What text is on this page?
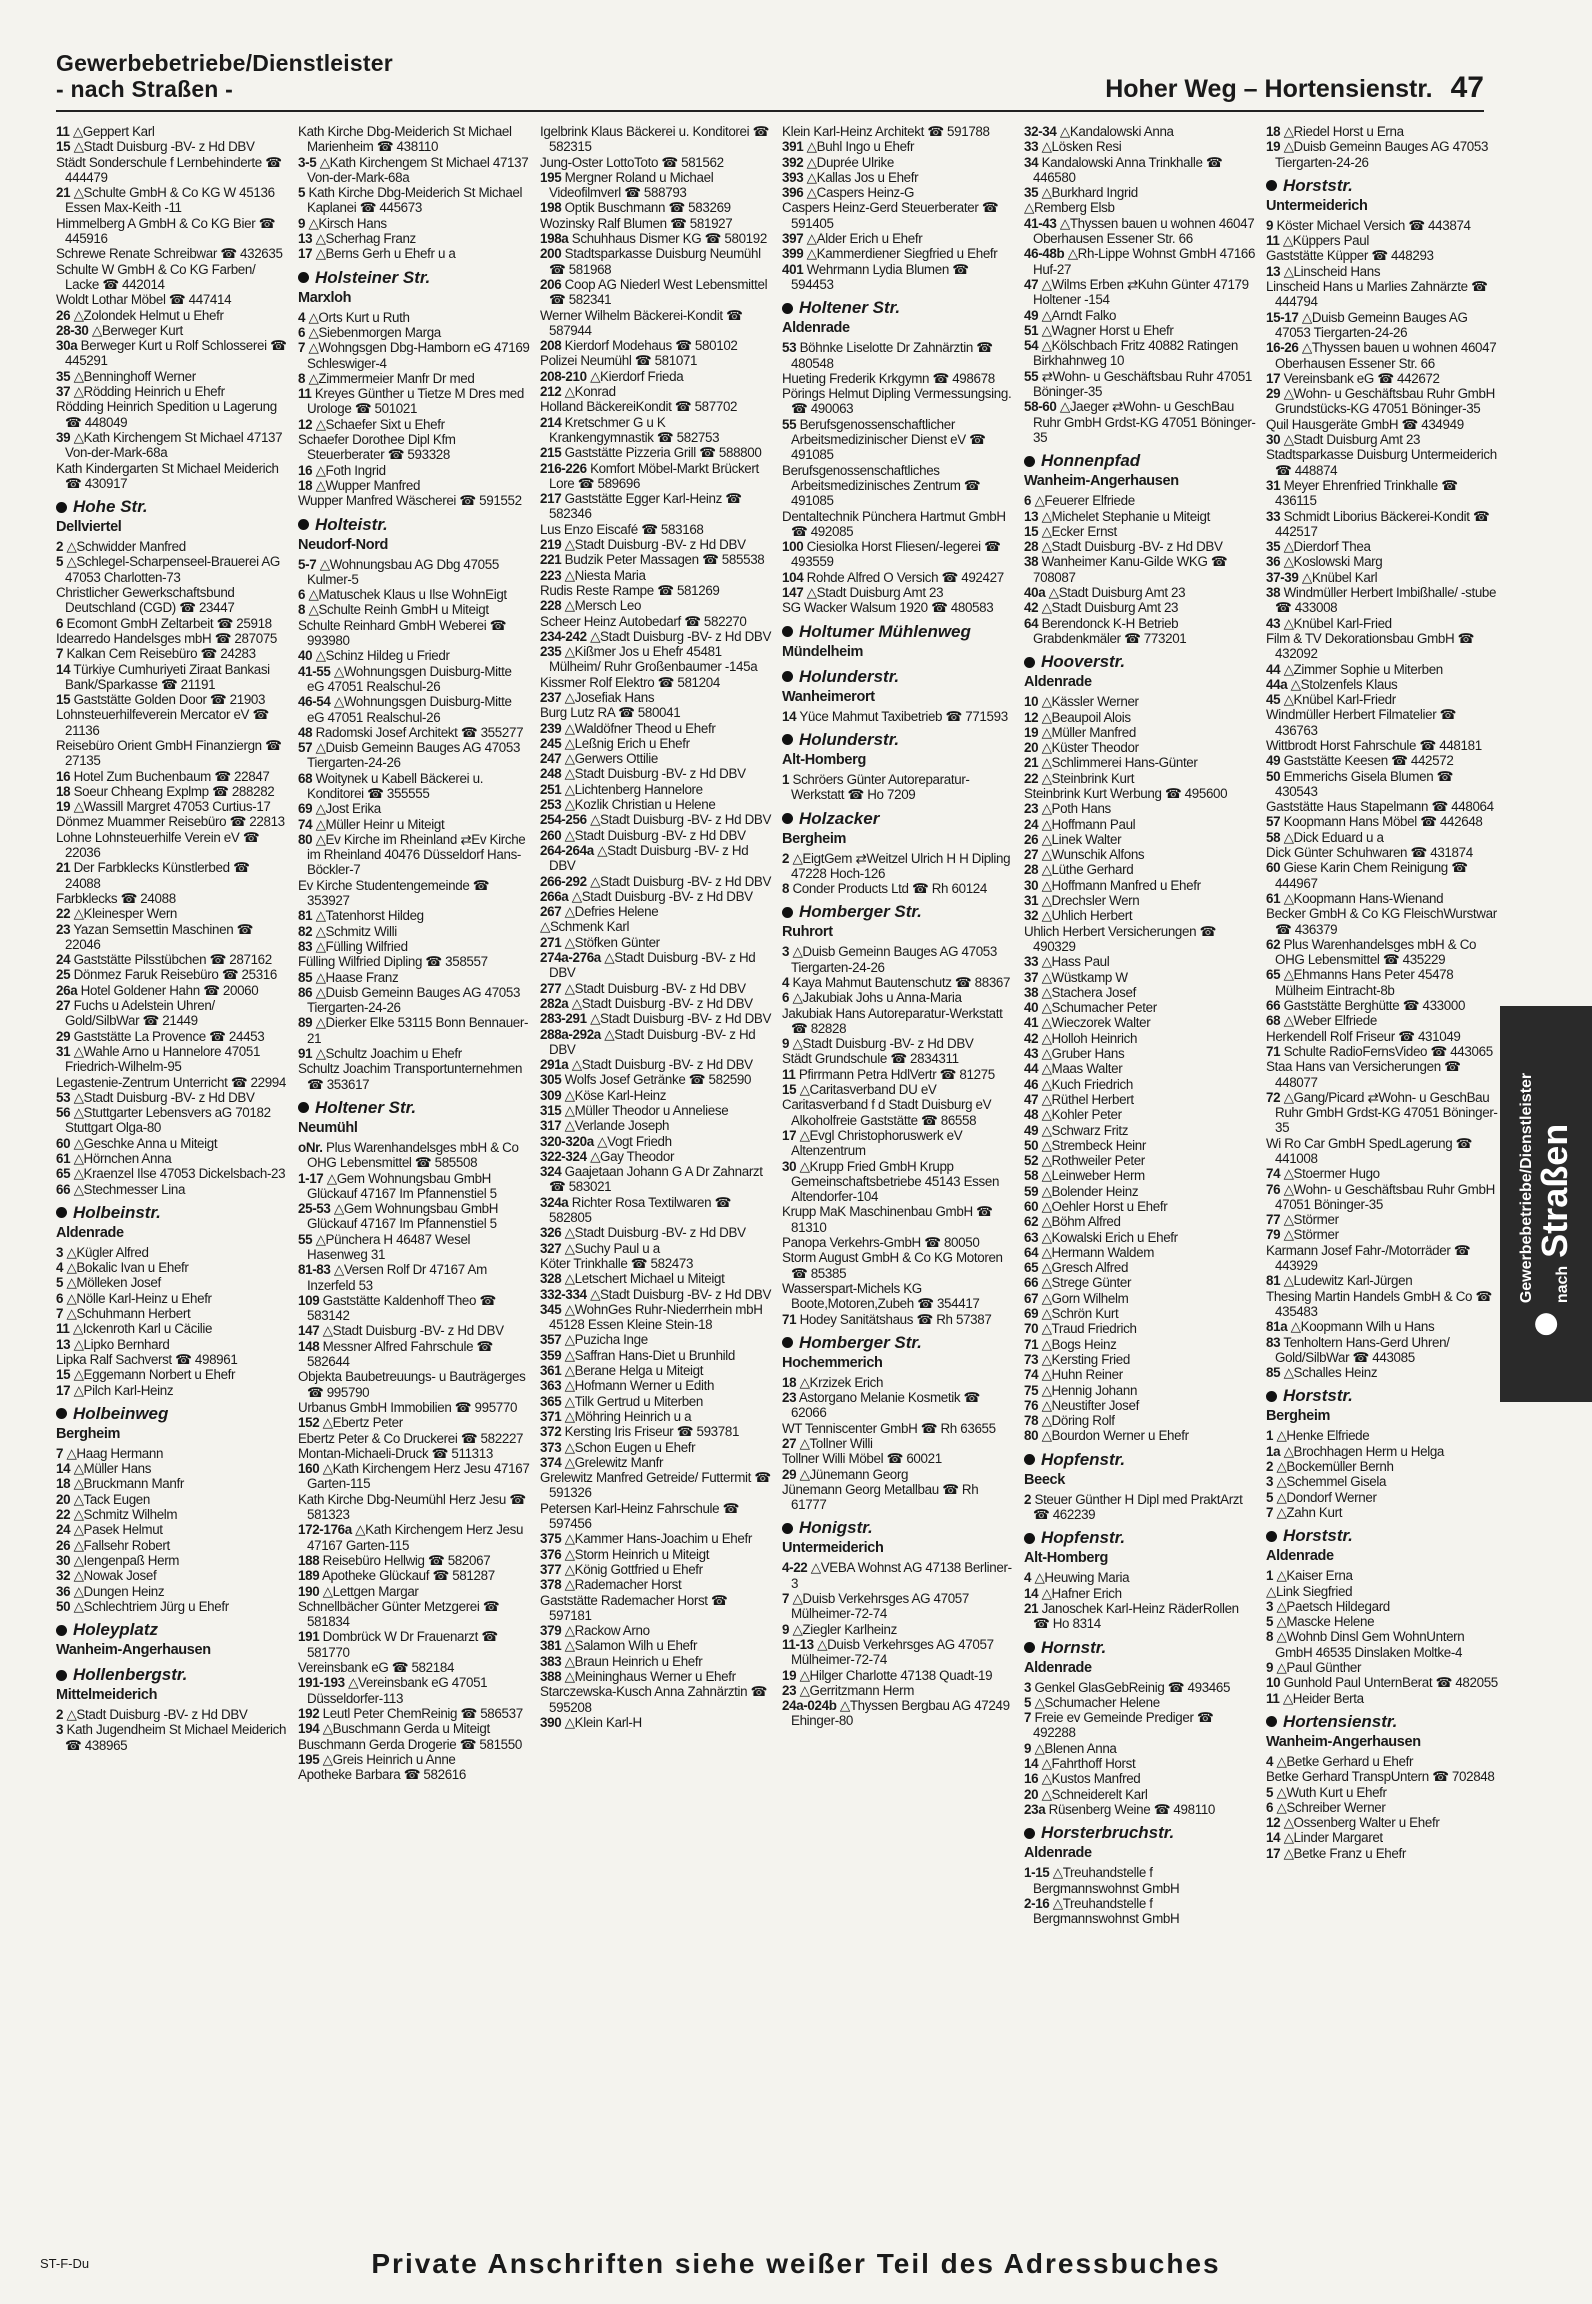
Gewerbebetriebe/Dienstleister
- nach Straßen -	Hoher Weg – Hortensienstr. 47
11 △Geppert Karl
15 △Stadt Duisburg -BV- z Hd DBV
Städt Sonderschule f Lernbehinderte ☎ 444479
21 △Schulte GmbH & Co KG W 45136 Essen Max-Keith -11
Himmelberg A GmbH & Co KG Bier ☎ 445916
Schrewe Renate Schreibwar ☎ 432635
Schulte W GmbH & Co KG Farben/ Lacke ☎ 442014
Woldt Lothar Möbel ☎ 447414
26 △Zolondek Helmut u Ehefr
28-30 △Berweger Kurt
30a Berweger Kurt u Rolf Schlosserei ☎ 445291
35 △Benninghoff Werner
37 △Rödding Heinrich u Ehefr
Rödding Heinrich Spedition u Lagerung ☎ 448049
39 △Kath Kirchengem St Michael 47137 Von-der-Mark-68a
Kath Kindergarten St Michael Meiderich ☎ 430917
Hohe Str.
Dellviertel
2 △Schwidder Manfred
5 △Schlegel-Scharpenseel-Brauerei AG 47053 Charlotten-73
Christlicher Gewerkschaftsbund Deutschland (CGD) ☎ 23447
6 Ecomont GmbH Zeltarbeit ☎ 25918
Idearredo Handelsges mbH ☎ 287075
7 Kalkan Cem Reisebüro ☎ 24283
14 Türkiye Cumhuriyeti Ziraat Bankasi Bank/Sparkasse ☎ 21191
15 Gaststätte Golden Door ☎ 21903
Lohnsteuerhilfeverein Mercator eV ☎ 21136
Reisebüro Orient GmbH Finanziergn ☎ 27135
16 Hotel Zum Buchenbaum ☎ 22847
18 Soeur Chheang Explmp ☎ 288282
19 △Wassill Margret 47053 Curtius-17
Dönmez Muammer Reisebüro ☎ 22813
Lohne Lohnsteuerhilfe Verein eV ☎ 22036
21 Der Farbklecks Künstlerbed ☎ 24088
Farbklecks ☎ 24088
22 △Kleinesper Wern
23 Yazan Semsettin Maschinen ☎ 22046
24 Gaststätte Pilsstübchen ☎ 287162
25 Dönmez Faruk Reisebüro ☎ 25316
26a Hotel Goldener Hahn ☎ 20060
27 Fuchs u Adelstein Uhren/ Gold/SilbWar ☎ 21449
29 Gaststätte La Provence ☎ 24453
31 △Wahle Arno u Hannelore 47051 Friedrich-Wilhelm-95
Legastenie-Zentrum Unterricht ☎ 22994
53 △Stadt Duisburg -BV- z Hd DBV
56 △Stuttgarter Lebensvers aG 70182 Stuttgart Olga-80
60 △Geschke Anna u Miteigt
61 △Hörnchen Anna
65 △Kraenzel Ilse 47053 Dickelsbach-23
66 △Stechmesser Lina
Holbeinstr.
Aldenrade
3 △Kügler Alfred
4 △Bokalic Ivan u Ehefr
5 △Mölleken Josef
6 △Nölle Karl-Heinz u Ehefr
7 △Schuhmann Herbert
11 △Ickenroth Karl u Cäcilie
13 △Lipko Bernhard
Lipka Ralf Sachverst ☎ 498961
15 △Eggemann Norbert u Ehefr
17 △Pilch Karl-Heinz
Holbeinweg
Bergheim
7 △Haag Hermann
14 △Müller Hans
18 △Bruckmann Manfr
20 △Tack Eugen
22 △Schmitz Wilhelm
24 △Pasek Helmut
26 △Fallsehr Robert
30 △Iengenpaß Herm
32 △Nowak Josef
36 △Dungen Heinz
50 △Schlechtriem Jürg u Ehefr
Holeyplatz
Wanheim-Angerhausen
Hollenbergstr.
Mittelmeiderich
2 △Stadt Duisburg -BV- z Hd DBV
3 Kath Jugendheim St Michael Meiderich ☎ 438965
Kath Kirche Dbg-Meiderich St Michael Marienheim ☎ 438110
3-5 △Kath Kirchengem St Michael 47137 Von-der-Mark-68a
5 Kath Kirche Dbg-Meiderich St Michael Kaplanei ☎ 445673
9 △Kirsch Hans
13 △Scherhag Franz
17 △Berns Gerh u Ehefr u a
Holsteiner Str.
Marxloh
4 △Orts Kurt u Ruth
6 △Siebenmorgen Marga
7 △Wohngsgen Dbg-Hamborn eG 47169 Schleswiger-4
8 △Zimmermeier Manfr Dr med
11 Kreyes Günther u Tietze M Dres med Urologe ☎ 501021
12 △Schaefer Sixt u Ehefr
Schaefer Dorothee Dipl Kfm Steuerberater ☎ 593328
16 △Foth Ingrid
18 △Wupper Manfred
Wupper Manfred Wäscherei ☎ 591552
Holteistr.
Neudorf-Nord
5-7 △Wohnungsbau AG Dbg 47055 Kulmer-5
6 △Matuschek Klaus u Ilse WohnEigt
8 △Schulte Reinh GmbH u Miteigt
Schulte Reinhard GmbH Weberei ☎ 993980
40 △Schinz Hildeg u Friedr
41-55 △Wohnungsgen Duisburg-Mitte eG 47051 Realschul-26
46-54 △Wohnungsgen Duisburg-Mitte eG 47051 Realschul-26
48 Radomski Josef Architekt ☎ 355277
57 △Duisb Gemeinn Bauges AG 47053 Tiergarten-24-26
68 Woitynek u Kabell Bäckerei u. Konditorei ☎ 355555
69 △Jost Erika
74 △Müller Heinr u Miteigt
80 △Ev Kirche im Rheinland ⇄Ev Kirche im Rheinland 40476 Düsseldorf Hans-Böckler-7
Ev Kirche Studentengemeinde ☎ 353927
81 △Tatenhorst Hildeg
82 △Schmitz Willi
83 △Fülling Wilfried
Fülling Wilfried Dipling ☎ 358557
85 △Haase Franz
86 △Duisb Gemeinn Bauges AG 47053 Tiergarten-24-26
89 △Dierker Elke 53115 Bonn Bennauer-21
91 △Schultz Joachim u Ehefr
Schultz Joachim Transportunternehmen ☎ 353617
Holtener Str.
Neumühl
oNr. Plus Warenhandelsges mbH & Co OHG Lebensmittel ☎ 585508
1-17 △Gem Wohnungsbau GmbH Glückauf 47167 Im Pfannenstiel 5
25-53 △Gem Wohnungsbau GmbH Glückauf 47167 Im Pfannenstiel 5
55 △Pünchera H 46487 Wesel Hasenweg 31
81-83 △Versen Rolf Dr 47167 Am Inzerfeld 53
109 Gaststätte Kaldenhoff Theo ☎ 583142
147 △Stadt Duisburg -BV- z Hd DBV
148 Messner Alfred Fahrschule ☎ 582644
Objekta Baubetreuungs- u Bauträgerges ☎ 995790
Urbanus GmbH Immobilien ☎ 995770
152 △Ebertz Peter
Ebertz Peter & Co Druckerei ☎ 582227
Montan-Michaeli-Druck ☎ 511313
160 △Kath Kirchengem Herz Jesu 47167 Garten-115
Kath Kirche Dbg-Neumühl Herz Jesu ☎ 581323
172-176a △Kath Kirchengem Herz Jesu 47167 Garten-115
188 Reisebüro Hellwig ☎ 582067
189 Apotheke Glückauf ☎ 581287
190 △Lettgen Margar
Schnellbächer Günter Metzgerei ☎ 581834
191 Dombrück W Dr Frauenarzt ☎ 581770
Vereinsbank eG ☎ 582184
191-193 △Vereinsbank eG 47051 Düsseldorfer-113
192 Leutl Peter ChemReinig ☎ 586537
194 △Buschmann Gerda u Miteigt
Buschmann Gerda Drogerie ☎ 581550
195 △Greis Heinrich u Anne
Apotheke Barbara ☎ 582616
Igelbrink Klaus Bäckerei u. Konditorei ☎ 582315
Jung-Oster LottoToto ☎ 581562
195 Mergner Roland u Michael Videofilmverl ☎ 588793
198 Optik Buschmann ☎ 583269
Wozinsky Ralf Blumen ☎ 581927
198a Schuhhaus Dismer KG ☎ 580192
200 Stadtsparkasse Duisburg Neumühl ☎ 581968
206 Coop AG Niederl West Lebensmittel ☎ 582341
Werner Wilhelm Bäckerei-Kondit ☎ 587944
208 Kierdorf Modehaus ☎ 580102
Polizei Neumühl ☎ 581071
208-210 △Kierdorf Frieda
212 △Konrad
Holland BäckereiKondit ☎ 587702
214 Kretschmer G u K Krankengymnastik ☎ 582753
215 Gaststätte Pizzeria Grill ☎ 588800
216-226 Komfort Möbel-Markt Brückert Lore ☎ 589696
217 Gaststätte Egger Karl-Heinz ☎ 582346
Lus Enzo Eiscafé ☎ 583168
219 △Stadt Duisburg -BV- z Hd DBV
221 Budzik Peter Massagen ☎ 585538
223 △Niesta Maria
Rudis Reste Rampe ☎ 581269
228 △Mersch Leo
Scheer Heinz Autobedarf ☎ 582270
234-242 △Stadt Duisburg -BV- z Hd DBV
235 △Kißmer Jos u Ehefr 45481 Mülheim/ Ruhr Großenbaumer -145a
Kissmer Rolf Elektro ☎ 581204
237 △Josefiak Hans
Burg Lutz RA ☎ 580041
239 △Waldöfner Theod u Ehefr
245 △Leßnig Erich u Ehefr
247 △Gerwers Ottilie
248 △Stadt Duisburg -BV- z Hd DBV
251 △Lichtenberg Hannelore
253 △Kozlik Christian u Helene
254-256 △Stadt Duisburg -BV- z Hd DBV
260 △Stadt Duisburg -BV- z Hd DBV
264-264a △Stadt Duisburg -BV- z Hd DBV
266-292 △Stadt Duisburg -BV- z Hd DBV
266a △Stadt Duisburg -BV- z Hd DBV
267 △Defries Helene
△Schmenk Karl
271 △Stöfken Günter
274a-276a △Stadt Duisburg -BV- z Hd DBV
277 △Stadt Duisburg -BV- z Hd DBV
282a △Stadt Duisburg -BV- z Hd DBV
283-291 △Stadt Duisburg -BV- z Hd DBV
288a-292a △Stadt Duisburg -BV- z Hd DBV
291a △Stadt Duisburg -BV- z Hd DBV
305 Wolfs Josef Getränke ☎ 582590
309 △Köse Karl-Heinz
315 △Müller Theodor u Anneliese
317 △Verlande Joseph
320-320a △Vogt Friedh
322-324 △Gay Theodor
324 Gaajetaan Johann G A Dr Zahnarzt ☎ 583021
324a Richter Rosa Textilwaren ☎ 582805
326 △Stadt Duisburg -BV- z Hd DBV
327 △Suchy Paul u a
Köter Trinkhalle ☎ 582473
328 △Letschert Michael u Miteigt
332-334 △Stadt Duisburg -BV- z Hd DBV
345 △WohnGes Ruhr-Niederrhein mbH 45128 Essen Kleine Stein-18
357 △Puzicha Inge
359 △Saffran Hans-Diet u Brunhild
361 △Berane Helga u Miteigt
363 △Hofmann Werner u Edith
365 △Tilk Gertrud u Miterben
371 △Möhring Heinrich u a
372 Kersting Iris Friseur ☎ 593781
373 △Schon Eugen u Ehefr
374 △Grelewitz Manfr
Grelewitz Manfred Getreide/ Futtermit ☎ 591326
Petersen Karl-Heinz Fahrschule ☎ 597456
375 △Kammer Hans-Joachim u Ehefr
376 △Storm Heinrich u Miteigt
377 △König Gottfried u Ehefr
378 △Rademacher Horst
Gaststätte Rademacher Horst ☎ 597181
379 △Rackow Arno
381 △Salamon Wilh u Ehefr
383 △Braun Heinrich u Ehefr
388 △Meininghaus Werner u Ehefr
Starczewska-Kusch Anna Zahnärztin ☎ 595208
390 △Klein Karl-H
Klein Karl-Heinz Architekt ☎ 591788
391 △Buhl Ingo u Ehefr
392 △Duprée Ulrike
393 △Kallas Jos u Ehefr
396 △Caspers Heinz-G
Caspers Heinz-Gerd Steuerberater ☎ 591405
397 △Alder Erich u Ehefr
399 △Kammerdiener Siegfried u Ehefr
401 Wehrmann Lydia Blumen ☎ 594453
Holtener Str.
Aldenrade
53 Böhnke Liselotte Dr Zahnärztin ☎ 480548
Hueting Frederik Krkgymn ☎ 498678
Pörings Helmut Dipling Vermessungsing. ☎ 490063
55 Berufsgenossenschaftlicher Arbeitsmedizinischer Dienst eV ☎ 491085
Berufsgenossenschaftliches Arbeitsmedizinisches Zentrum ☎ 491085
Dentaltechnik Pünchera Hartmut GmbH ☎ 492085
100 Ciesiolka Horst Fliesen/-legerei ☎ 493559
104 Rohde Alfred O Versich ☎ 492427
147 △Stadt Duisburg Amt 23
SG Wacker Walsum 1920 ☎ 480583
Holtumer Mühlenweg
Mündelheim
Holunderstr.
Wanheimerort
14 Yüce Mahmut Taxibetrieb ☎ 771593
Holunderstr.
Alt-Homberg
1 Schröers Günter Autoreparatur- Werkstatt ☎ Ho 7209
Holzacker
Bergheim
2 △EigtGem ⇄Weitzel Ulrich H H Dipling 47228 Hoch-126
8 Conder Products Ltd ☎ Rh 60124
Homberger Str.
Ruhrort
3 △Duisb Gemeinn Bauges AG 47053 Tiergarten-24-26
4 Kaya Mahmut Bautenschutz ☎ 88367
6 △Jakubiak Johs u Anna-Maria
Jakubiak Hans Autoreparatur-Werkstatt ☎ 82828
9 △Stadt Duisburg -BV- z Hd DBV
Städt Grundschule ☎ 2834311
11 Pfirrmann Petra HdlVertr ☎ 81275
15 △Caritasverband DU eV
Caritasverband f d Stadt Duisburg eV Alkoholfreie Gaststätte ☎ 86558
17 △Evgl Christophoruswerk eV Altenzentrum
30 △Krupp Fried GmbH Krupp Gemeinschaftsbetriebe 45143 Essen Altendorfer-104
Krupp MaK Maschinenbau GmbH ☎ 81310
Panopa Verkehrs-GmbH ☎ 80050
Storm August GmbH & Co KG Motoren ☎ 85385
Wasserspart-Michels KG Boote,Motoren,Zubeh ☎ 354417
71 Hodey Sanitätshaus ☎ Rh 57387
Homberger Str.
Hochemmerich
18 △Krzizek Erich
23 Astorgano Melanie Kosmetik ☎ 62066
WT Tenniscenter GmbH ☎ Rh 63655
27 △Tollner Willi
Tollner Willi Möbel ☎ 60021
29 △Jünemann Georg
Jünemann Georg Metallbau ☎ Rh 61777
Honigstr.
Untermeiderich
4-22 △VEBA Wohnst AG 47138 Berliner-3
7 △Duisb Verkehrsges AG 47057 Mülheimer-72-74
9 △Ziegler Karlheinz
11-13 △Duisb Verkehrsges AG 47057 Mülheimer-72-74
19 △Hilger Charlotte 47138 Quadt-19
23 △Gerritzmann Herm
24a-024b △Thyssen Bergbau AG 47249 Ehinger-80
32-34 △Kandalowski Anna
33 △Lösken Resi
34 Kandalowski Anna Trinkhalle ☎ 446580
35 △Burkhard Ingrid
△Remberg Elsb
41-43 △Thyssen bauen u wohnen 46047 Oberhausen Essener Str. 66
46-48b △Rh-Lippe Wohnst GmbH 47166 Huf-27
47 △Wilms Erben ⇄Kuhn Günter 47179 Holtener -154
49 △Arndt Falko
51 △Wagner Horst u Ehefr
54 △Kölschbach Fritz 40882 Ratingen Birkhahnweg 10
55 ⇄Wohn- u Geschäftsbau Ruhr 47051 Böninger-35
58-60 △Jaeger ⇄Wohn- u GeschBau Ruhr GmbH Grdst-KG 47051 Böninger-35
Honnenpfad
Wanheim-Angerhausen
6 △Feuerer Elfriede
13 △Michelet Stephanie u Miteigt
15 △Ecker Ernst
28 △Stadt Duisburg -BV- z Hd DBV
38 Wanheimer Kanu-Gilde WKG ☎ 708087
40a △Stadt Duisburg Amt 23
42 △Stadt Duisburg Amt 23
64 Berendonck K-H Betrieb Grabdenkmäler ☎ 773201
Hooverstr.
Aldenrade
10 △Kässler Werner
12 △Beaupoil Alois
19 △Müller Manfred
20 △Küster Theodor
21 △Schlimmerei Hans-Günter
22 △Steinbrink Kurt
Steinbrink Kurt Werbung ☎ 495600
23 △Poth Hans
24 △Hoffmann Paul
26 △Linek Walter
27 △Wunschik Alfons
28 △Lüthe Gerhard
30 △Hoffmann Manfred u Ehefr
31 △Drechsler Wern
32 △Uhlich Herbert
Uhlich Herbert Versicherungen ☎ 490329
33 △Hass Paul
37 △Wüstkamp W
38 △Stachera Josef
40 △Schumacher Peter
41 △Wieczorek Walter
42 △Holloh Heinrich
43 △Gruber Hans
44 △Maas Walter
46 △Kuch Friedrich
47 △Rüthel Herbert
48 △Kohler Peter
49 △Schwarz Fritz
50 △Strembeck Heinr
52 △Rothweiler Peter
58 △Leinweber Herm
59 △Bolender Heinz
60 △Oehler Horst u Ehefr
62 △Böhm Alfred
63 △Kowalski Erich u Ehefr
64 △Hermann Waldem
65 △Gresch Alfred
66 △Strege Günter
67 △Gorn Wilhelm
69 △Schrön Kurt
70 △Traud Friedrich
71 △Bogs Heinz
73 △Kersting Fried
74 △Huhn Reiner
75 △Hennig Johann
76 △Neustifter Josef
78 △Döring Rolf
80 △Bourdon Werner u Ehefr
Hopfenstr.
Beeck
2 Steuer Günther H Dipl med PraktArzt ☎ 462239
Hopfenstr.
Alt-Homberg
4 △Heuwing Maria
14 △Hafner Erich
21 Janoschek Karl-Heinz RäderRollen ☎ Ho 8314
Hornstr.
Aldenrade
3 Genkel GlasGebReinig ☎ 493465
5 △Schumacher Helene
7 Freie ev Gemeinde Prediger ☎ 492288
9 △Blenen Anna
14 △Fahrthoff Horst
16 △Kustos Manfred
20 △Schneiderelt Karl
23a Rüsenberg Weine ☎ 498110
Horsterbruchstr.
Aldenrade
1-15 △Treuhandstelle f Bergmannswohnst GmbH
2-16 △Treuhandstelle f Bergmannswohnst GmbH
18 △Riedel Horst u Erna
19 △Duisb Gemeinn Bauges AG 47053 Tiergarten-24-26
Horststr.
Untermeiderich
9 Köster Michael Versich ☎ 443874
11 △Küppers Paul
Gaststätte Küpper ☎ 448293
13 △Linscheid Hans
Linscheid Hans u Marlies Zahnärzte ☎ 444794
15-17 △Duisb Gemeinn Bauges AG 47053 Tiergarten-24-26
16-26 △Thyssen bauen u wohnen 46047 Oberhausen Essener Str. 66
17 Vereinsbank eG ☎ 442672
29 △Wohn- u Geschäftsbau Ruhr GmbH Grundstücks-KG 47051 Böninger-35
Quil Hausgeräte GmbH ☎ 434949
30 △Stadt Duisburg Amt 23
Stadtsparkasse Duisburg Untermeiderich ☎ 448874
31 Meyer Ehrenfried Trinkhalle ☎ 436115
33 Schmidt Liborius Bäckerei-Kondit ☎ 442517
35 △Dierdorf Thea
36 △Koslowski Marg
37-39 △Knübel Karl
38 Windmüller Herbert Imbißhalle/ -stube ☎ 433008
43 △Knübel Karl-Fried
Film & TV Dekorationsbau GmbH ☎ 432092
44 △Zimmer Sophie u Miterben
44a △Stolzenfels Klaus
45 △Knübel Karl-Friedr
Windmüller Herbert Filmatelier ☎ 436763
Wittbrodt Horst Fahrschule ☎ 448181
49 Gaststätte Keesen ☎ 442572
50 Emmerichs Gisela Blumen ☎ 430543
Gaststätte Haus Stapelmann ☎ 448064
57 Koopmann Hans Möbel ☎ 442648
58 △Dick Eduard u a
Dick Günter Schuhwaren ☎ 431874
60 Giese Karin Chem Reinigung ☎ 444967
61 △Koopmann Hans-Wienand
Becker GmbH & Co KG FleischWurstwar ☎ 436379
62 Plus Warenhandelsges mbH & Co OHG Lebensmittel ☎ 435229
65 △Ehmanns Hans Peter 45478 Mülheim Eintracht-8b
66 Gaststätte Berghütte ☎ 433000
68 △Weber Elfriede
Herkendell Rolf Friseur ☎ 431049
71 Schulte RadioFernsVideo ☎ 443065
Staa Hans van Versicherungen ☎ 448077
72 △Gang/Picard ⇄Wohn- u GeschBau Ruhr GmbH Grdst-KG 47051 Böninger-35
Wi Ro Car GmbH SpedLagerung ☎ 441008
74 △Stoermer Hugo
76 △Wohn- u Geschäftsbau Ruhr GmbH 47051 Böninger-35
77 △Störmer
79 △Störmer
Karmann Josef Fahr-/Motorräder ☎ 443929
81 △Ludewitz Karl-Jürgen
Thesing Martin Handels GmbH & Co ☎ 435483
81a △Koopmann Wilh u Hans
83 Tenholtern Hans-Gerd Uhren/ Gold/SilbWar ☎ 443085
85 △Schalles Heinz
Horststr.
Bergheim
1 △Henke Elfriede
1a △Brochhagen Herm u Helga
2 △Bockemüller Bernh
3 △Schemmel Gisela
5 △Dondorf Werner
7 △Zahn Kurt
Horststr.
Aldenrade
1 △Kaiser Erna
△Link Siegfried
3 △Paetsch Hildegard
5 △Mascke Helene
8 △Wohnb Dinsl Gem WohnUntern GmbH 46535 Dinslaken Moltke-4
9 △Paul Günther
10 Gunhold Paul UnternBerat ☎ 482055
11 △Heider Berta
Hortensienstr.
Wanheim-Angerhausen
4 △Betke Gerhard u Ehefr
Betke Gerhard TranspUntern ☎ 702848
5 △Wuth Kurt u Ehefr
6 △Schreiber Werner
12 △Ossenberg Walter u Ehefr
14 △Linder Margaret
17 △Betke Franz u Ehefr
Gewerbebetriebe/Dienstleister nach
Straßen
ST-F-Du	Private Anschriften siehe weißer Teil des Adressbuches
